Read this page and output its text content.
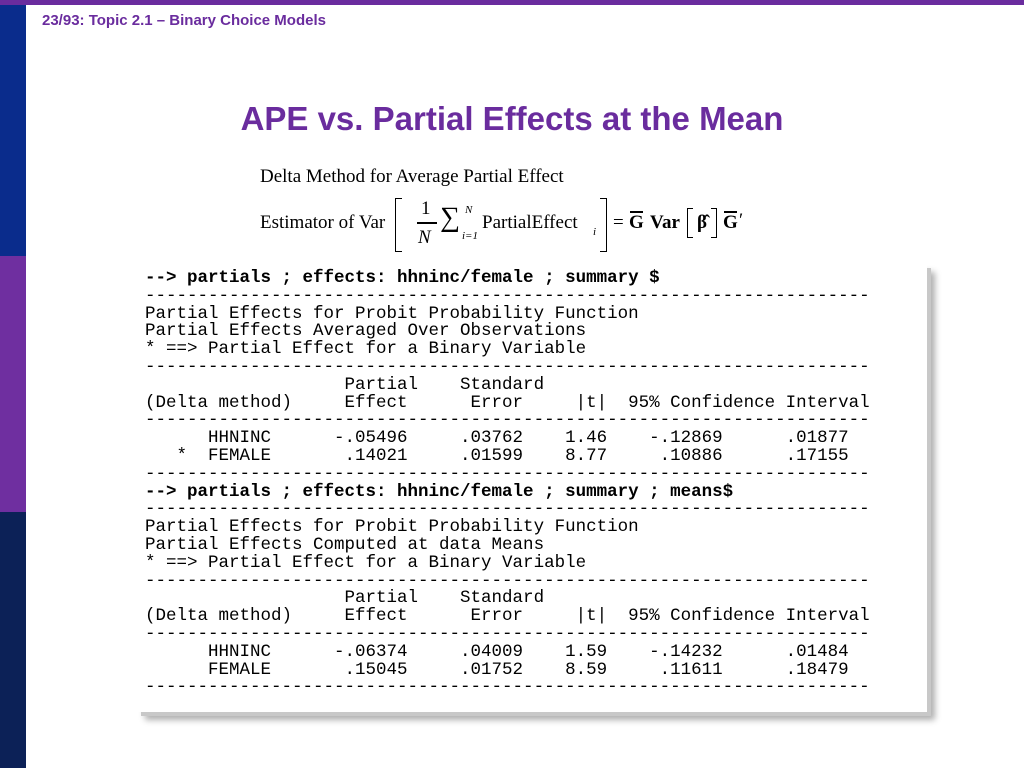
23/93: Topic 2.1 – Binary Choice Models
APE vs. Partial Effects at the Mean
Delta Method for Average Partial Effect
Estimator of Var
1
N
∑ N
i=1
PartialEffect i = G Var β̂ G ′
--> partials ; effects: hhninc/female ; summary $
---------------------------------------------------------------------
Partial Effects for Probit Probability Function
Partial Effects Averaged Over Observations
* ==> Partial Effect for a Binary Variable
---------------------------------------------------------------------
Partial    Standard
(Delta method)     Effect      Error     |t|  95% Confidence Interval
---------------------------------------------------------------------
HHNINC      -.05496     .03762    1.46    -.12869      .01877
*  FEMALE       .14021     .01599    8.77     .10886      .17155
---------------------------------------------------------------------
--> partials ; effects: hhninc/female ; summary ; means$
---------------------------------------------------------------------
Partial Effects for Probit Probability Function
Partial Effects Computed at data Means
* ==> Partial Effect for a Binary Variable
---------------------------------------------------------------------
Partial    Standard
(Delta method)     Effect      Error     |t|  95% Confidence Interval
---------------------------------------------------------------------
HHNINC      -.06374     .04009    1.59    -.14232      .01484
FEMALE       .15045     .01752    8.59     .11611      .18479
---------------------------------------------------------------------
